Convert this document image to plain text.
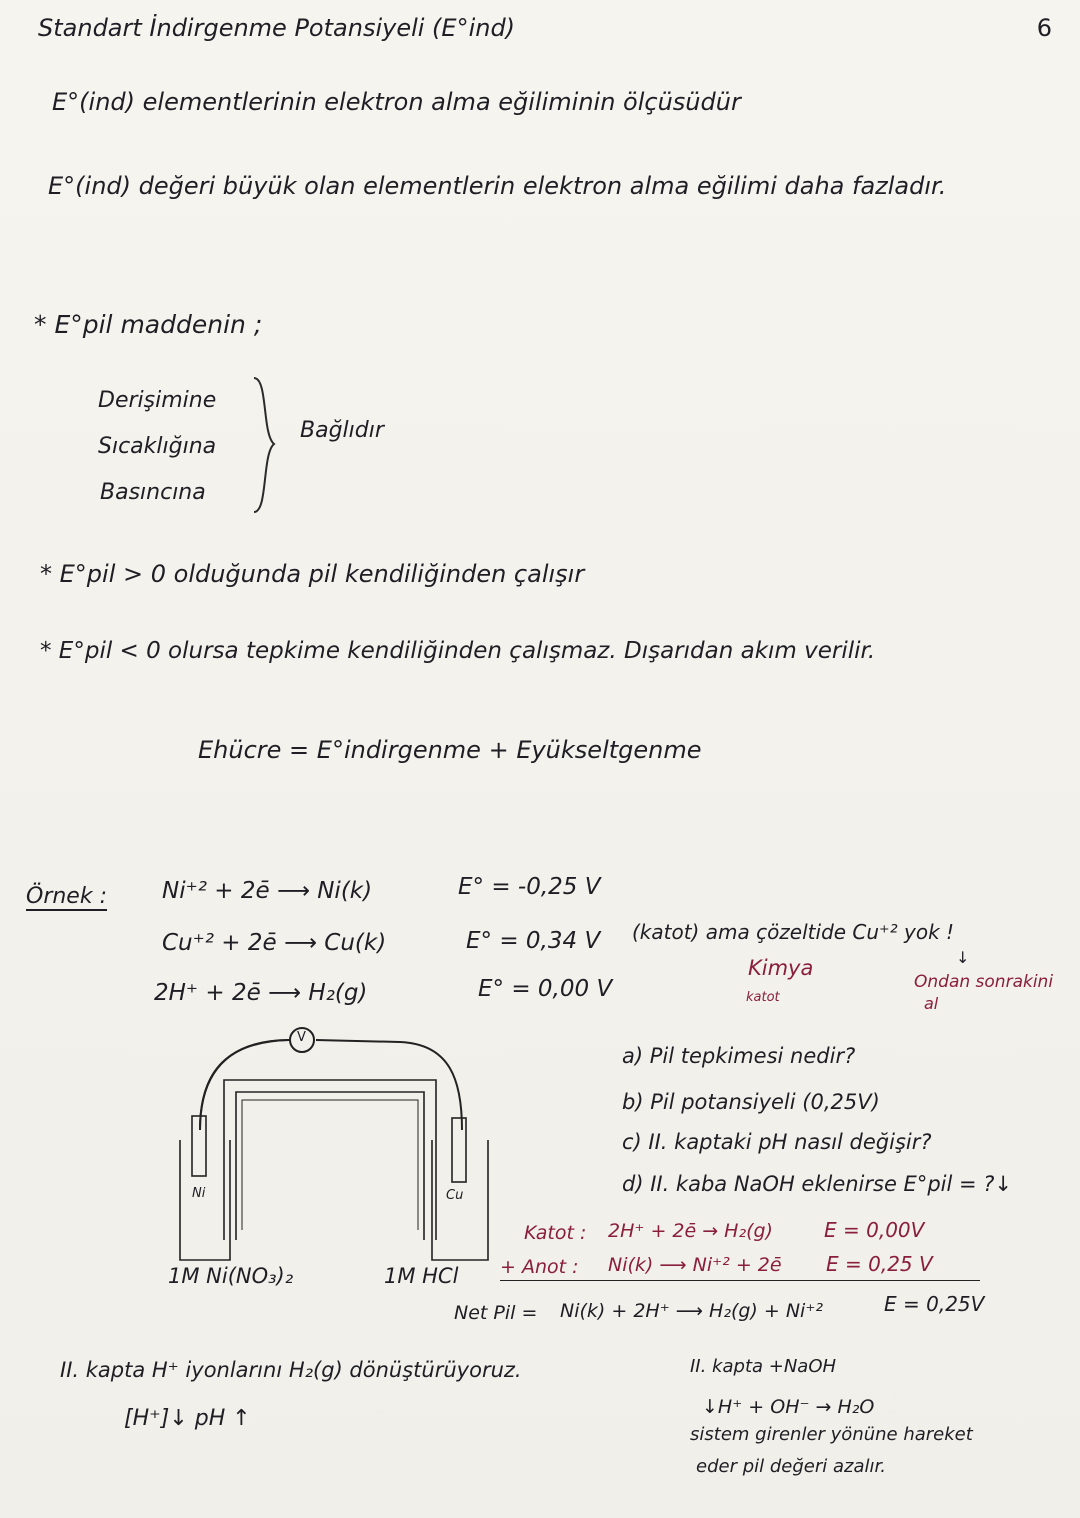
6
Standart İndirgenme Potansiyeli (E°ind)
E°(ind) elementlerinin elektron alma eğiliminin ölçüsüdür
E°(ind) değeri büyük olan elementlerin elektron alma eğilimi daha fazladır.
* E°pil maddenin ;
Derişimine
Sıcaklığına
Basıncına
Bağlıdır
* E°pil > 0 olduğunda pil kendiliğinden çalışır
* E°pil < 0 olursa tepkime kendiliğinden çalışmaz. Dışarıdan akım verilir.
Ehücre = E°indirgenme + Eyükseltgenme
Örnek : Ni⁺² + 2ē ⟶ Ni(k)	E° = -0,25 V
Cu⁺² + 2ē ⟶ Cu(k)	E° = 0,34 V
2H⁺ + 2ē ⟶ H₂(g)	E° = 0,00 V
(katot) ama çözeltide Cu⁺² yok !
Kimya
katot
Ondan sonrakini
al
↓
V
Ni	Cu
1M Ni(NO₃)₂	1M HCl
a) Pil tepkimesi nedir?
b) Pil potansiyeli (0,25V)
c) II. kaptaki pH nasıl değişir?
d) II. kaba NaOH eklenirse E°pil = ?↓
Katot : 2H⁺ + 2ē → H₂(g)	E = 0,00V
+ Anot : Ni(k) ⟶ Ni⁺² + 2ē E = 0,25 V
Net Pil = Ni(k) + 2H⁺ ⟶ H₂(g) + Ni⁺²	E = 0,25V
II. kapta H⁺ iyonlarını H₂(g) dönüştürüyoruz.
[H⁺]↓ pH ↑
II. kapta +NaOH
↓H⁺ + OH⁻ → H₂O
sistem girenler yönüne hareket
eder pil değeri azalır.
